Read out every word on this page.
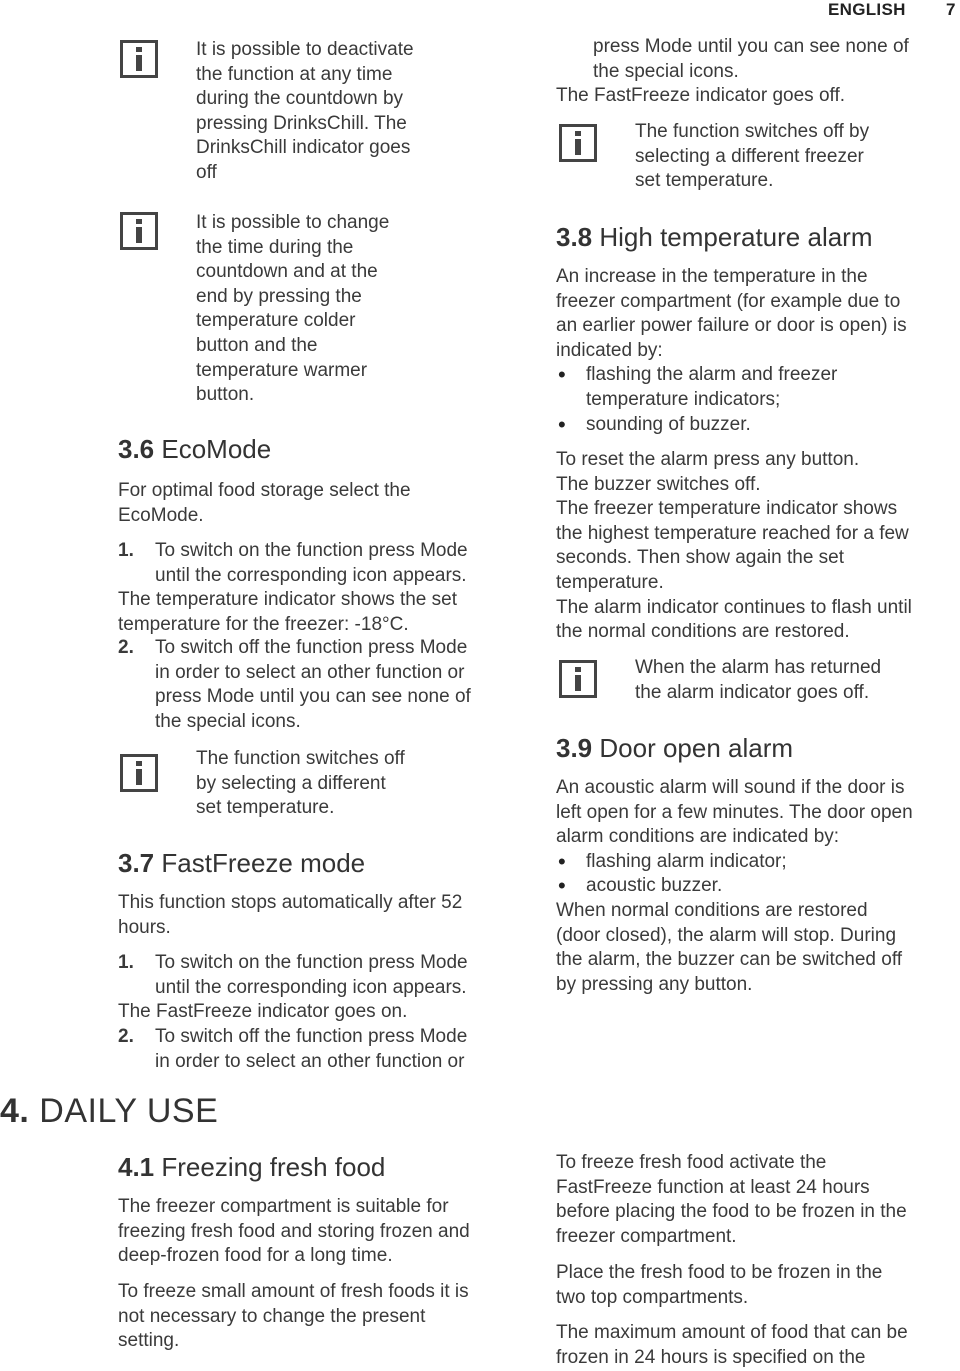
ENGLISH 7
It is possible to deactivate
the function at any time
during the countdown by
pressing DrinksChill. The
DrinksChill indicator goes
off
It is possible to change
the time during the
countdown and at the
end by pressing the
temperature colder
button and the
temperature warmer
button.
3.6 EcoMode
For optimal food storage select the
EcoMode.
1. To switch on the function press Mode
until the corresponding icon appears.
The temperature indicator shows the set
temperature for the freezer: -18°C.
2. To switch off the function press Mode
in order to select an other function or
press Mode until you can see none of
the special icons.
The function switches off
by selecting a different
set temperature.
3.7 FastFreeze mode
This function stops automatically after 52
hours.
1. To switch on the function press Mode
until the corresponding icon appears.
The FastFreeze indicator goes on.
2. To switch off the function press Mode
in order to select an other function or
press Mode until you can see none of
the special icons.
The FastFreeze indicator goes off.
The function switches off by
selecting a different freezer
set temperature.
3.8 High temperature alarm
An increase in the temperature in the
freezer compartment (for example due to
an earlier power failure or door is open) is
indicated by:
• flashing the alarm and freezer
temperature indicators;
• sounding of buzzer.
To reset the alarm press any button.
The buzzer switches off.
The freezer temperature indicator shows
the highest temperature reached for a few
seconds. Then show again the set
temperature.
The alarm indicator continues to flash until
the normal conditions are restored.
When the alarm has returned
the alarm indicator goes off.
3.9 Door open alarm
An acoustic alarm will sound if the door is
left open for a few minutes. The door open
alarm conditions are indicated by:
• flashing alarm indicator;
• acoustic buzzer.
When normal conditions are restored
(door closed), the alarm will stop. During
the alarm, the buzzer can be switched off
by pressing any button.
4. DAILY USE
4.1 Freezing fresh food
The freezer compartment is suitable for
freezing fresh food and storing frozen and
deep-frozen food for a long time.
To freeze small amount of fresh foods it is
not necessary to change the present
setting.
To freeze fresh food activate the
FastFreeze function at least 24 hours
before placing the food to be frozen in the
freezer compartment.
Place the fresh food to be frozen in the
two top compartments.
The maximum amount of food that can be
frozen in 24 hours is specified on the
